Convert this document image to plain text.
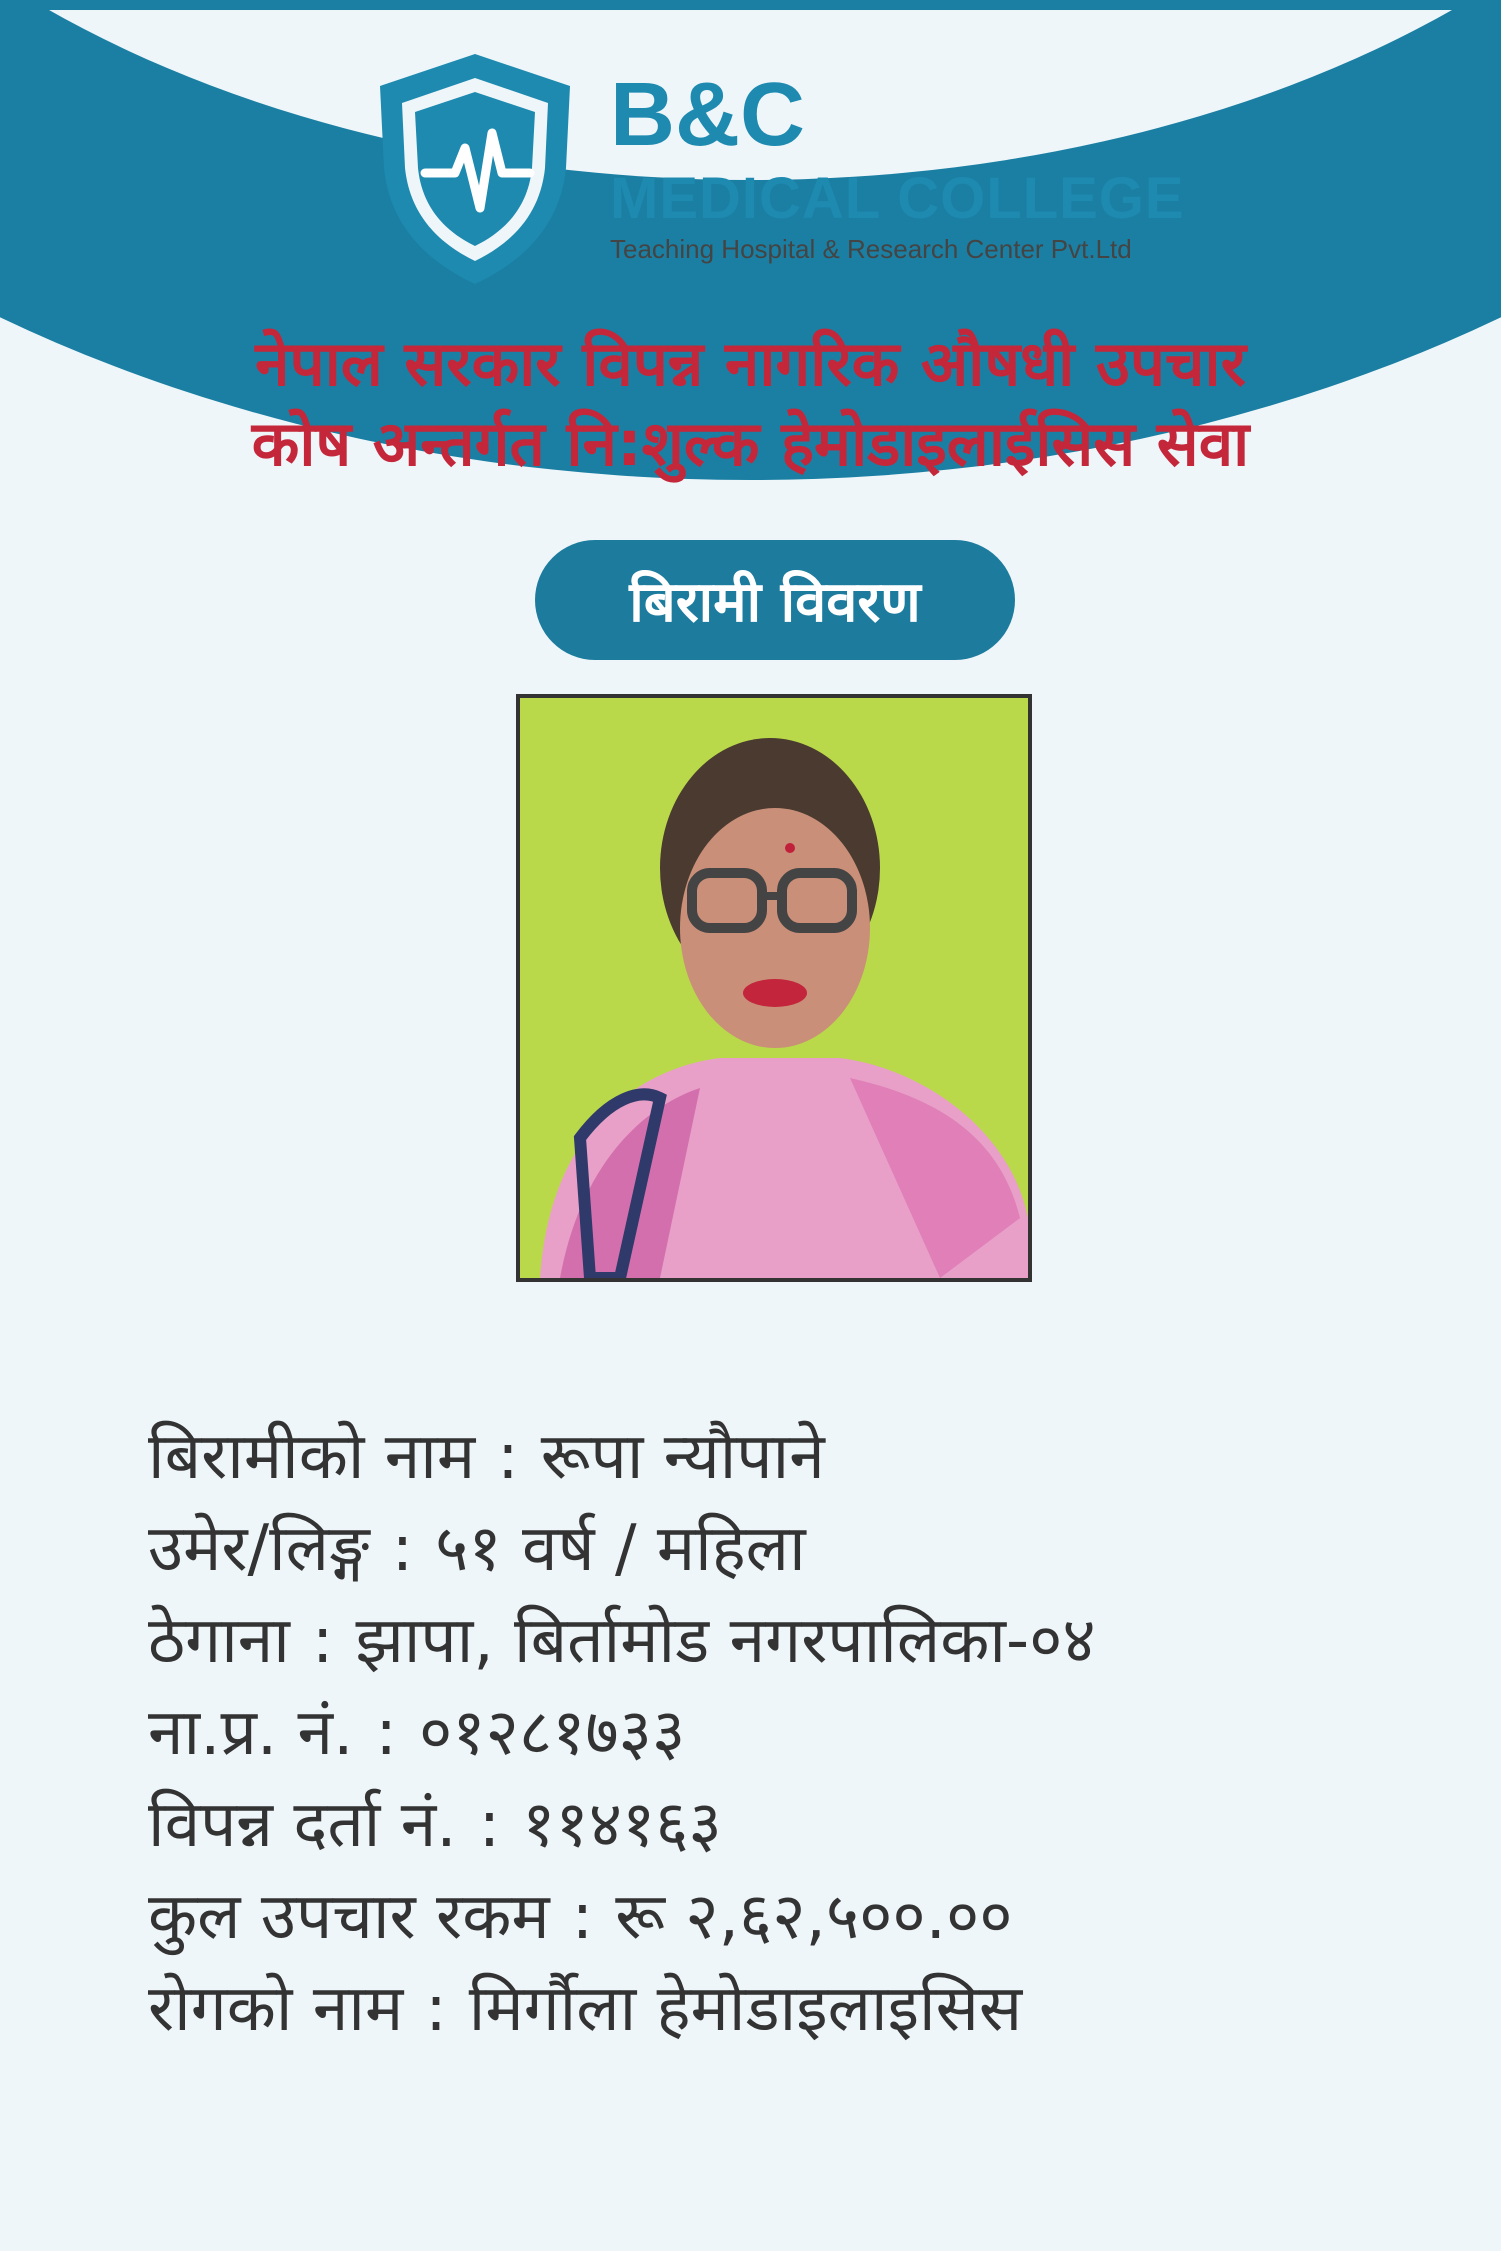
B&C
MEDICAL COLLEGE
Teaching Hospital & Research Center Pvt.Ltd
नेपाल सरकार विपन्न नागरिक औषधी उपचार
कोष अन्तर्गत नि:शुल्क हेमोडाइलाईसिस सेवा
बिरामी विवरण
बिरामीको नाम : रूपा न्यौपाने
उमेर/लिङ्ग : ५१ वर्ष / महिला
ठेगाना : झापा, बिर्तामोड नगरपालिका-०४
ना.प्र. नं. : ०१२८१७३३
विपन्न दर्ता नं. : ११४१६३
कुल उपचार रकम : रू २,६२,५००.००
रोगको नाम : मिर्गौला हेमोडाइलाइसिस
